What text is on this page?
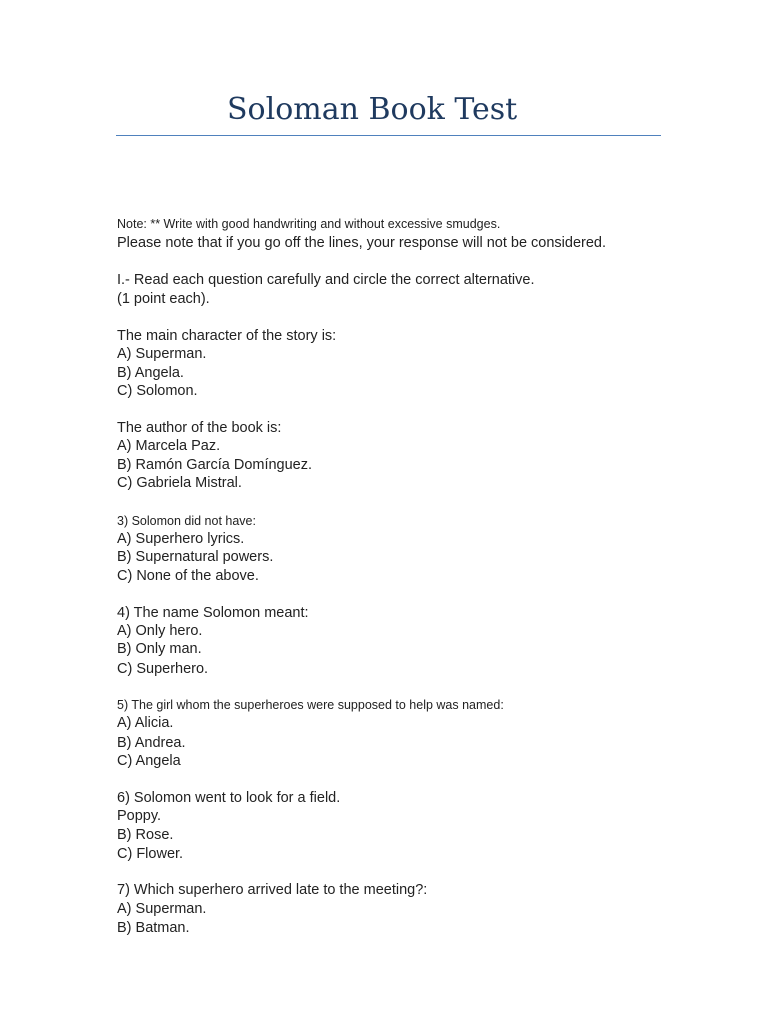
Soloman Book Test
Note: ** Write with good handwriting and without excessive smudges.
Please note that if you go off the lines, your response will not be considered.
I.- Read each question carefully and circle the correct alternative.
(1 point each).
The main character of the story is:
A) Superman.
B) Angela.
C) Solomon.
The author of the book is:
A) Marcela Paz.
B) Ramón García Domínguez.
C) Gabriela Mistral.
3) Solomon did not have:
A) Superhero lyrics.
B) Supernatural powers.
C) None of the above.
4) The name Solomon meant:
A) Only hero.
B) Only man.
C) Superhero.
5) The girl whom the superheroes were supposed to help was named:
A) Alicia.
B) Andrea.
C) Angela
6) Solomon went to look for a field.
Poppy.
B) Rose.
C) Flower.
7) Which superhero arrived late to the meeting?:
A) Superman.
B) Batman.
